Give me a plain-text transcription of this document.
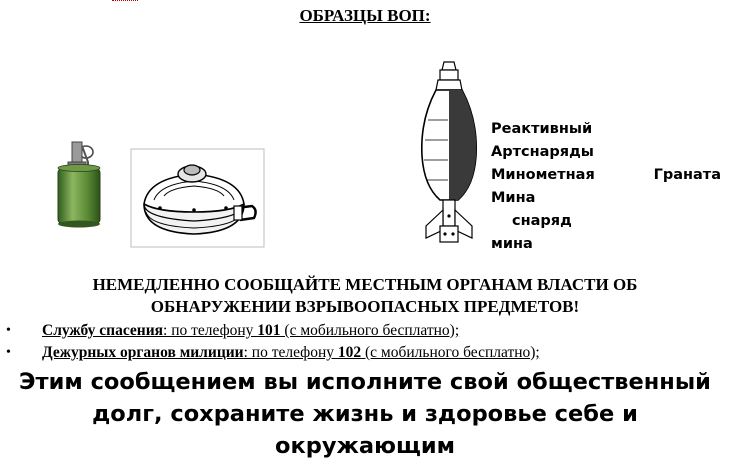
ОБРАЗЦЫ ВОП:
Реактивный
Артснаряды
Минометная	Граната
Мина
снаряд
мина
НЕМЕДЛЕННО СООБЩАЙТЕ МЕСТНЫМ ОРГАНАМ ВЛАСТИ ОБ
ОБНАРУЖЕНИИ ВЗРЫВООПАСНЫХ ПРЕДМЕТОВ!
• Службу спасения: по телефону 101 (с мобильного бесплатно);
• Дежурных органов милиции: по телефону 102 (с мобильного бесплатно);
Этим сообщением вы исполните свой общественный
долг, сохраните жизнь и здоровье себе и окружающим
